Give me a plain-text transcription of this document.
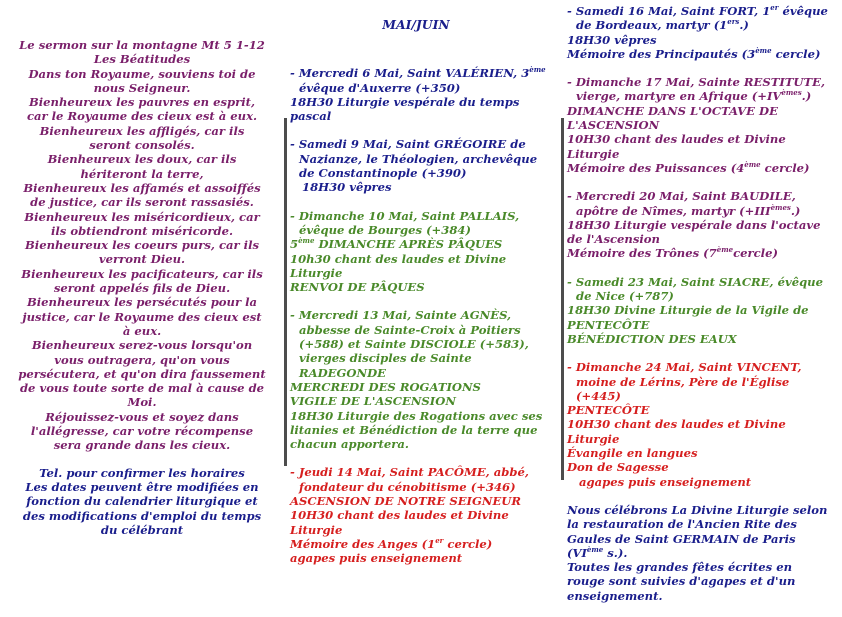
Le sermon sur la montagne Mt 5 1-12
Les Béatitudes
Dans ton Royaume, souviens toi de nous Seigneur.
Bienheureux les pauvres en esprit, car le Royaume des cieux est à eux.
Bienheureux les affligés, car ils seront consolés.
Bienheureux les doux, car ils hériteront la terre,
Bienheureux les affamés et assoiffés de justice, car ils seront rassasiés.
Bienheureux les miséricordieux, car ils obtiendront miséricorde.
Bienheureux les coeurs purs, car ils verront Dieu.
Bienheureux les pacificateurs, car ils seront appelés fils de Dieu.
Bienheureux les persécutés pour la justice, car le Royaume des cieux est à eux.
Bienheureux serez-vous lorsqu'on vous outragera, qu'on vous persécutera, et qu'on dira faussement de vous toute sorte de mal à cause de Moi.
Réjouissez-vous et soyez dans l'allégresse, car votre récompense sera grande dans les cieux.
Tel. pour confirmer les horaires
Les dates peuvent être modifiées en fonction du calendrier liturgique et des modifications d'emploi du temps du célébrant
MAI/JUIN
- Mercredi 6 Mai, Saint VALÉRIEN, 3ème évêque d'Auxerre (+350)
18H30 Liturgie vespérale du temps pascal
- Samedi 9 Mai, Saint GRÉGOIRE de Nazianze, le Théologien, archevêque de Constantinople (+390)
18H30 vêpres
- Dimanche 10 Mai, Saint PALLAIS, évêque de Bourges (+384)
5ème DIMANCHE APRÈS PÂQUES
10h30 chant des laudes et Divine Liturgie
RENVOI DE PÂQUES
- Mercredi 13 Mai, Sainte AGNÈS, abbesse de Sainte-Croix à Poitiers (+588) et Sainte DISCIOLE (+583), vierges disciples de Sainte RADEGONDE
MERCREDI DES ROGATIONS
VIGILE DE L'ASCENSION
18H30 Liturgie des Rogations avec ses litanies et Bénédiction de la terre que chacun apportera.
- Jeudi 14 Mai, Saint PACÔME, abbé, fondateur du cénobitisme (+346)
ASCENSION DE NOTRE SEIGNEUR
10H30 chant des laudes et Divine Liturgie
Mémoire des Anges (1er cercle)
agapes puis enseignement
- Samedi 16 Mai, Saint FORT, 1er évêque de Bordeaux, martyr (1ers.)
18H30 vêpres
Mémoire des Principautés (3ème cercle)
- Dimanche 17 Mai, Sainte RESTITUTE, vierge, martyre en Afrique (+IVèmes.)
DIMANCHE DANS L'OCTAVE DE L'ASCENSION
10H30 chant des laudes et Divine Liturgie
Mémoire des Puissances (4ème cercle)
- Mercredi 20 Mai, Saint BAUDILE, apôtre de Nîmes, martyr (+IIIèmes.)
18H30 Liturgie vespérale dans l'octave de l'Ascension
Mémoire des Trônes (7èmecercle)
- Samedi 23 Mai, Saint SIACRE, évêque de Nice (+787)
18H30 Divine Liturgie de la Vigile de PENTECÔTE
BÉNÉDICTION DES EAUX
- Dimanche 24 Mai, Saint VINCENT, moine de Lérins, Père de l'Église (+445)
PENTECÔTE
10H30 chant des laudes et Divine Liturgie
Évangile en langues
Don de Sagesse
agapes puis enseignement
Nous célébrons La Divine Liturgie selon la restauration de l'Ancien Rite des Gaules de Saint GERMAIN de Paris (VIème s.).
Toutes les grandes fêtes écrites en rouge sont suivies d'agapes et d'un enseignement.
